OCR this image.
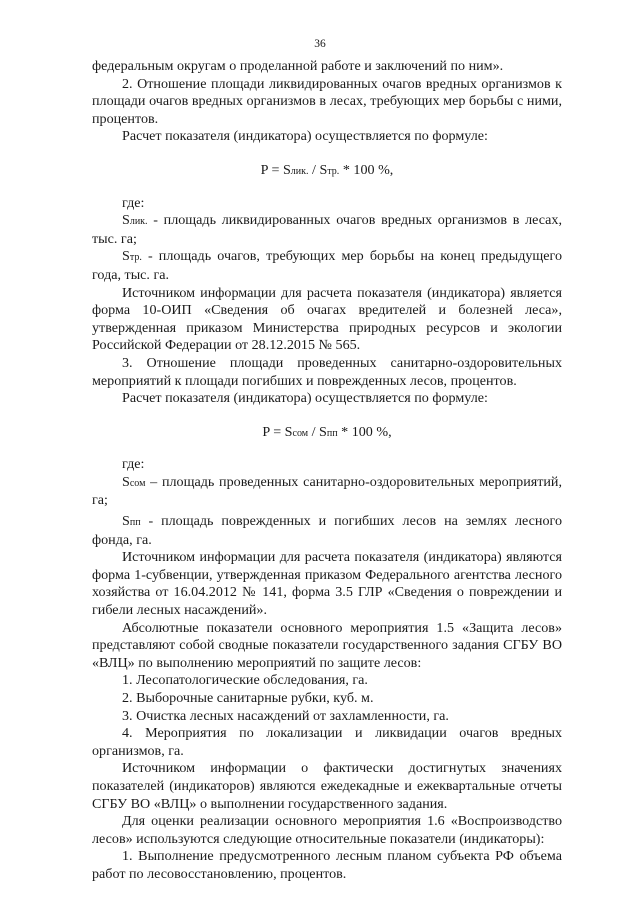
36

федеральным округам о проделанной работе и заключений по ним».

2. Отношение площади ликвидированных очагов вредных организмов к площади очагов вредных организмов в лесах, требующих мер борьбы с ними, процентов.

Расчет показателя (индикатора) осуществляется по формуле:

P = Sлик. / Sтр. * 100 %,

где:

Sлик. - площадь ликвидированных очагов вредных организмов в лесах, тыс. га;

Sтр. - площадь очагов, требующих мер борьбы на конец предыдущего года, тыс. га.

Источником информации для расчета показателя (индикатора) является форма 10-ОИП «Сведения об очагах вредителей и болезней леса», утвержденная приказом Министерства природных ресурсов и экологии Российской Федерации от 28.12.2015 № 565.

3. Отношение площади проведенных санитарно-оздоровительных мероприятий к площади погибших и поврежденных лесов, процентов.

Расчет показателя (индикатора) осуществляется по формуле:

P = Sсом / Sпп * 100 %,

где:

Sсом – площадь проведенных санитарно-оздоровительных мероприятий, га;

Sпп - площадь поврежденных и погибших лесов на землях лесного фонда, га.

Источником информации для расчета показателя (индикатора) являются форма 1-субвенции, утвержденная приказом Федерального агентства лесного хозяйства от 16.04.2012 № 141, форма 3.5 ГЛР «Сведения о повреждении и гибели лесных насаждений».

Абсолютные показатели основного мероприятия 1.5 «Защита лесов» представляют собой сводные показатели государственного задания СГБУ ВО «ВЛЦ» по выполнению мероприятий по защите лесов:

1. Лесопатологические обследования, га.

2. Выборочные санитарные рубки, куб. м.

3. Очистка лесных насаждений от захламленности, га.

4. Мероприятия по локализации и ликвидации очагов вредных организмов, га.

Источником информации о фактически достигнутых значениях показателей (индикаторов) являются ежедекадные и ежеквартальные отчеты СГБУ ВО «ВЛЦ» о выполнении государственного задания.

Для оценки реализации основного мероприятия 1.6 «Воспроизводство лесов» используются следующие относительные показатели (индикаторы):

1. Выполнение предусмотренного лесным планом субъекта РФ объема работ по лесовосстановлению, процентов.
